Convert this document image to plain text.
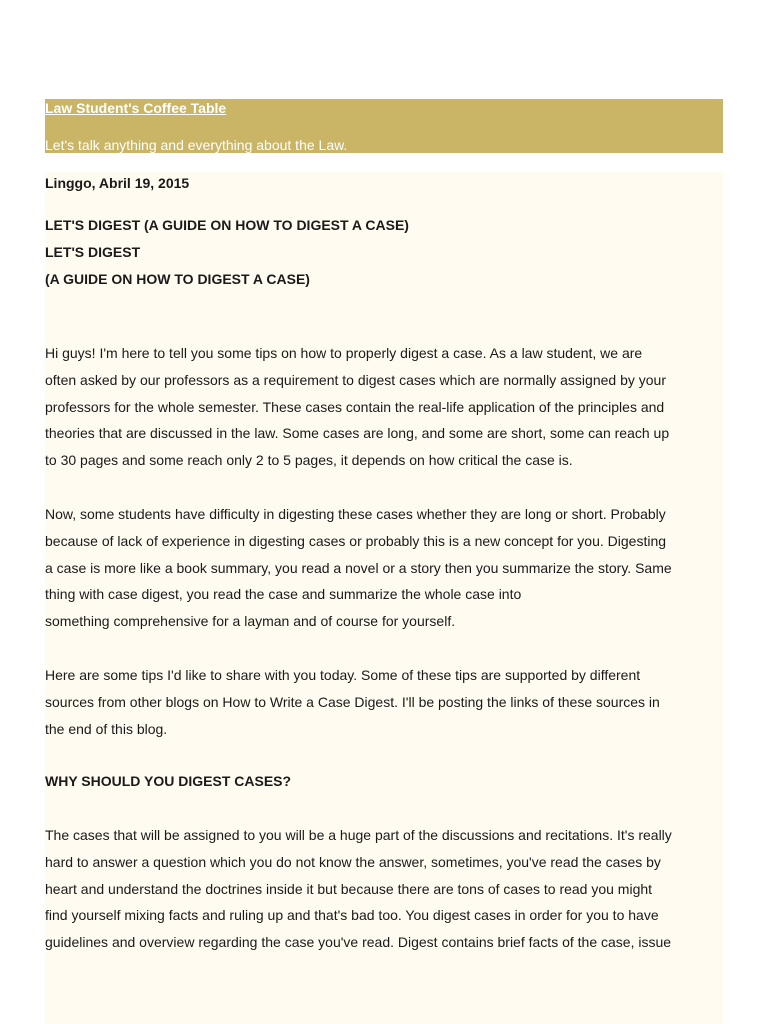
Law Student's Coffee Table
Let's talk anything and everything about the Law.
Linggo, Abril 19, 2015
LET'S DIGEST (A GUIDE ON HOW TO DIGEST A CASE)
LET'S DIGEST
(A GUIDE ON HOW TO DIGEST A CASE)
Hi guys! I'm here to tell you some tips on how to properly digest a case. As a law student, we are
often asked by our professors as a requirement to digest cases which are normally assigned by your
professors for the whole semester. These cases contain the real-life application of the principles and
theories that are discussed in the law. Some cases are long, and some are short, some can reach up
to 30 pages and some reach only 2 to 5 pages, it depends on how critical the case is.
Now, some students have difficulty in digesting these cases whether they are long or short. Probably
because of lack of experience in digesting cases or probably this is a new concept for you. Digesting
a case is more like a book summary, you read a novel or a story then you summarize the story. Same
thing with case digest, you read the case and summarize the whole case into
something comprehensive for a layman and of course for yourself.
Here are some tips I'd like to share with you today. Some of these tips are supported by different
sources from other blogs on How to Write a Case Digest. I'll be posting the links of these sources in
the end of this blog.
WHY SHOULD YOU DIGEST CASES?
The cases that will be assigned to you will be a huge part of the discussions and recitations. It's really
hard to answer a question which you do not know the answer, sometimes, you've read the cases by
heart and understand the doctrines inside it but because there are tons of cases to read you might
find yourself mixing facts and ruling up and that's bad too. You digest cases in order for you to have
guidelines and overview regarding the case you've read. Digest contains brief facts of the case, issue
